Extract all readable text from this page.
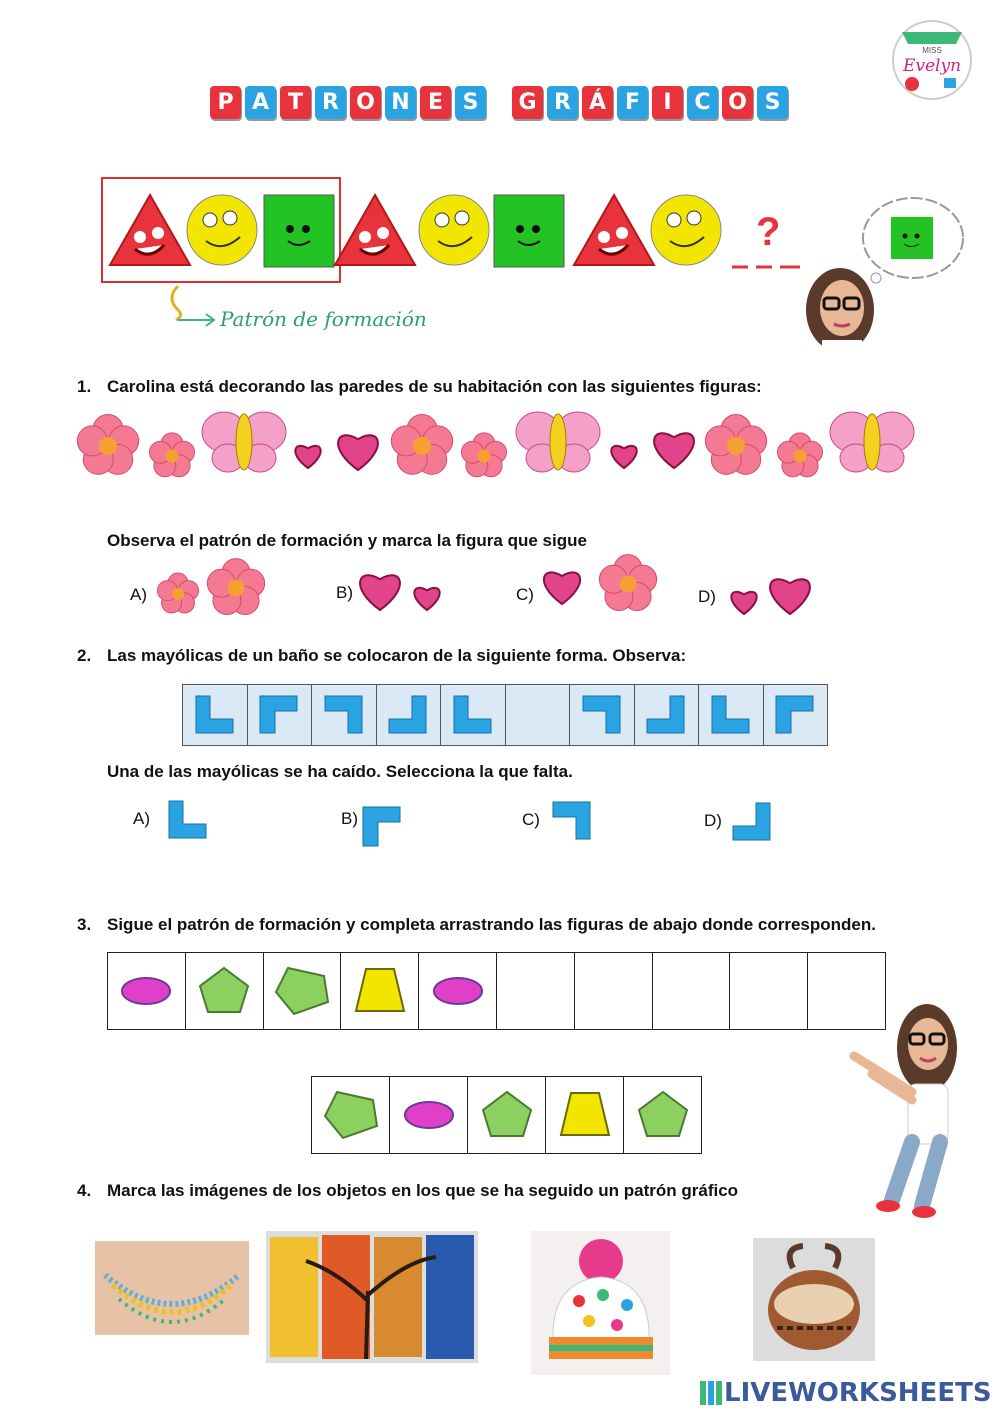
P A T R O N E S	G R Á F	I	C O S
MISS
Evelyn
?
Patrón de formación
1. Carolina está decorando las paredes de su habitación con las siguientes figuras:
Observa el patrón de formación y marca la figura que sigue
A)	B)	C)	D)
2. Las mayólicas de un baño se colocaron de la siguiente forma. Observa:
Una de las mayólicas se ha caído. Selecciona la que falta.
A)	B)	C)	D)
3. Sigue el patrón de formación y completa arrastrando las figuras de abajo donde corresponden.
4. Marca las imágenes de los objetos en los que se ha seguido un patrón gráfico
LIVEWORKSHEETS
